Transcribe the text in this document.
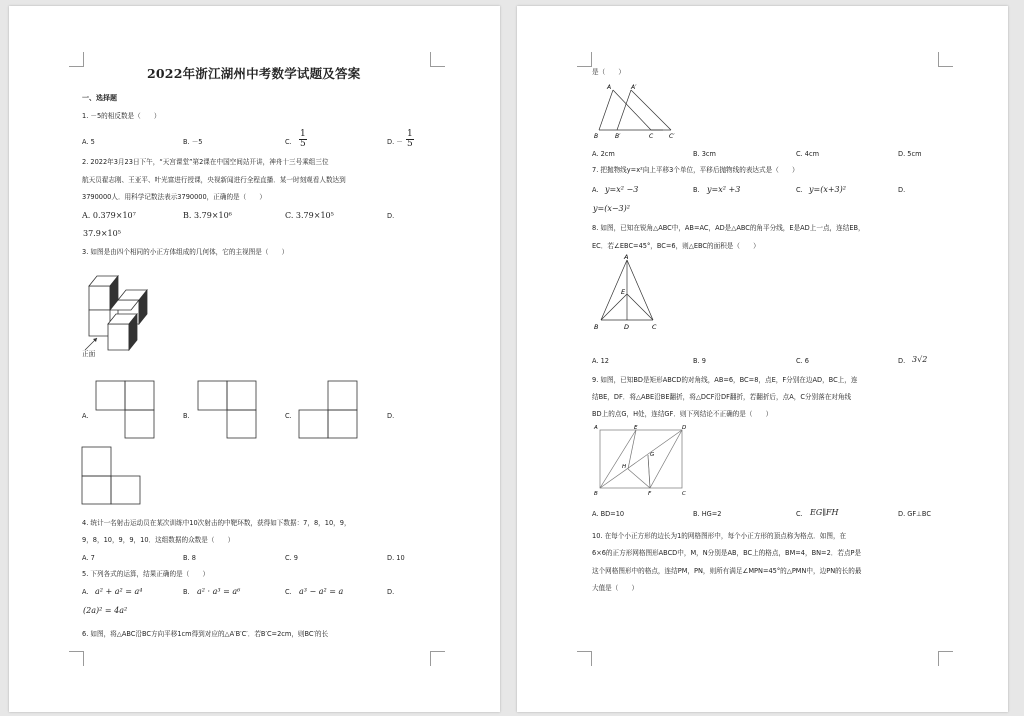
2022年浙江湖州中考数学试题及答案
一、选择题
1. －5的相反数是（　　）
A. 5	B. －5	C. $\frac{1}{5}$	D. － $\frac{1}{5}$
2. 2022年3月23日下午，“天宫课堂”第2课在中国空间站开讲，神舟十三号乘组三位
航天员翟志刚、王亚平、叶光富进行授课，央视新闻进行全程直播．某一时刻观看人数达到
3790000人．用科学记数法表示3790000，正确的是（　　）
A. 0.379×10⁷	B. 3.79×10⁶	C. 3.79×10⁵	D.
37.9×10⁵
3. 如图是由四个相同的小正方体组成的几何体，它的主视图是（　　）
正面
A.	B.	C.	D.
4. 统计一名射击运动员在某次训练中10次射击的中靶环数，获得如下数据：7，8，10，9，
9，8，10，9，9，10．这组数据的众数是（　　）
A. 7	B. 8	C. 9	D. 10
5. 下列各式的运算，结果正确的是（　　）
A. a² + a² = a⁴	B. a² · a³ = a⁶	C. a³ − a² = a	D.
(2a)² = 4a²
6. 如图，将△ABC沿BC方向平移1cm得到对应的△A′B′C′．若B′C=2cm，则BC′的长
是（　　）
A	A′
B	B′	C	C′
A. 2cm	B. 3cm	C. 4cm	D. 5cm
7. 把抛物线y=x²向上平移3个单位，平移后抛物线的表达式是（　　）
A. y=x² −3	B. y=x² +3	C. y=(x+3)²	D.
y=(x−3)²
8. 如图，已知在锐角△ABC中，AB=AC，AD是△ABC的角平分线，E是AD上一点，连结EB，
EC．若∠EBC=45°，BC=6，则△EBC的面积是（　　）
A
E
B	D	C
A. 12	B. 9	C. 6	D. 3√2
9. 如图，已知BD是矩形ABCD的对角线，AB=6，BC=8，点E，F分别在边AD，BC上，连
结BE，DF．将△ABE沿BE翻折，将△DCF沿DF翻折，若翻折后，点A，C分别落在对角线
BD上的点G，H处，连结GF．则下列结论不正确的是（　　）
A	E	D
B	F	C
G
H
A. BD=10	B. HG=2	C. EG∥FH	D. GF⊥BC
10. 在每个小正方形的边长为1的网格图形中，每个小正方形的顶点称为格点．如图，在
6×6的正方形网格图形ABCD中，M，N分别是AB，BC上的格点，BM=4，BN=2．若点P是
这个网格图形中的格点，连结PM，PN，则所有满足∠MPN=45°的△PMN中，边PN的长的最
大值是（　　）
